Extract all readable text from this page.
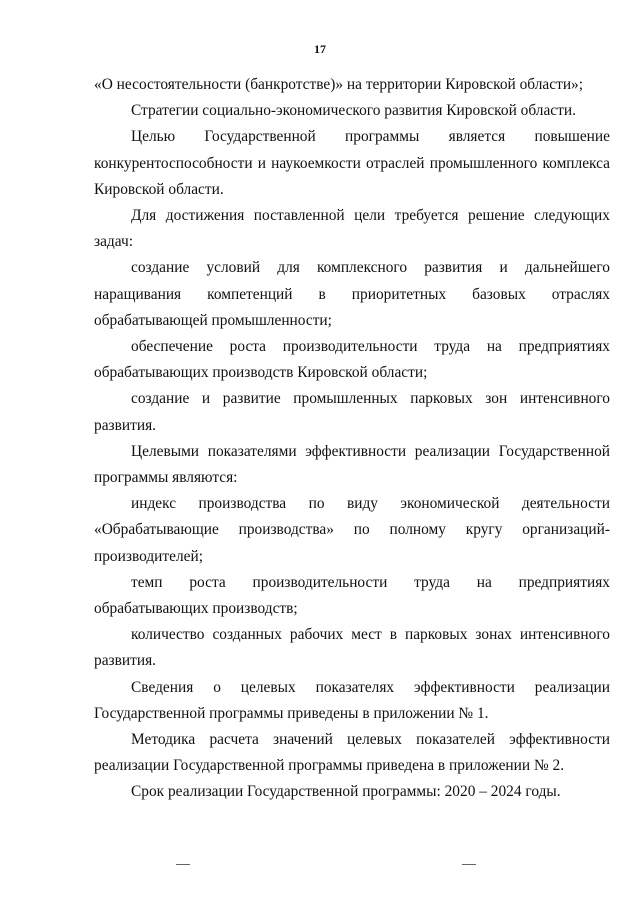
17

«О несостоятельности (банкротстве)» на территории Кировской области»;

Стратегии социально-экономического развития Кировской области.

Целью Государственной программы является повышение конкурентоспособности и наукоемкости отраслей промышленного комплекса Кировской области.

Для достижения поставленной цели требуется решение следующих задач:

создание условий для комплексного развития и дальнейшего наращивания компетенций в приоритетных базовых отраслях обрабатывающей промышленности;

обеспечение роста производительности труда на предприятиях обрабатывающих производств Кировской области;

создание и развитие промышленных парковых зон интенсивного развития.

Целевыми показателями эффективности реализации Государственной программы являются:

индекс производства по виду экономической деятельности «Обрабатывающие производства» по полному кругу организаций-производителей;

темп роста производительности труда на предприятиях обрабатывающих производств;

количество созданных рабочих мест в парковых зонах интенсивного развития.

Сведения о целевых показателях эффективности реализации Государственной программы приведены в приложении № 1.

Методика расчета значений целевых показателей эффективности реализации Государственной программы приведена в приложении № 2.

Срок реализации Государственной программы: 2020 – 2024 годы.
